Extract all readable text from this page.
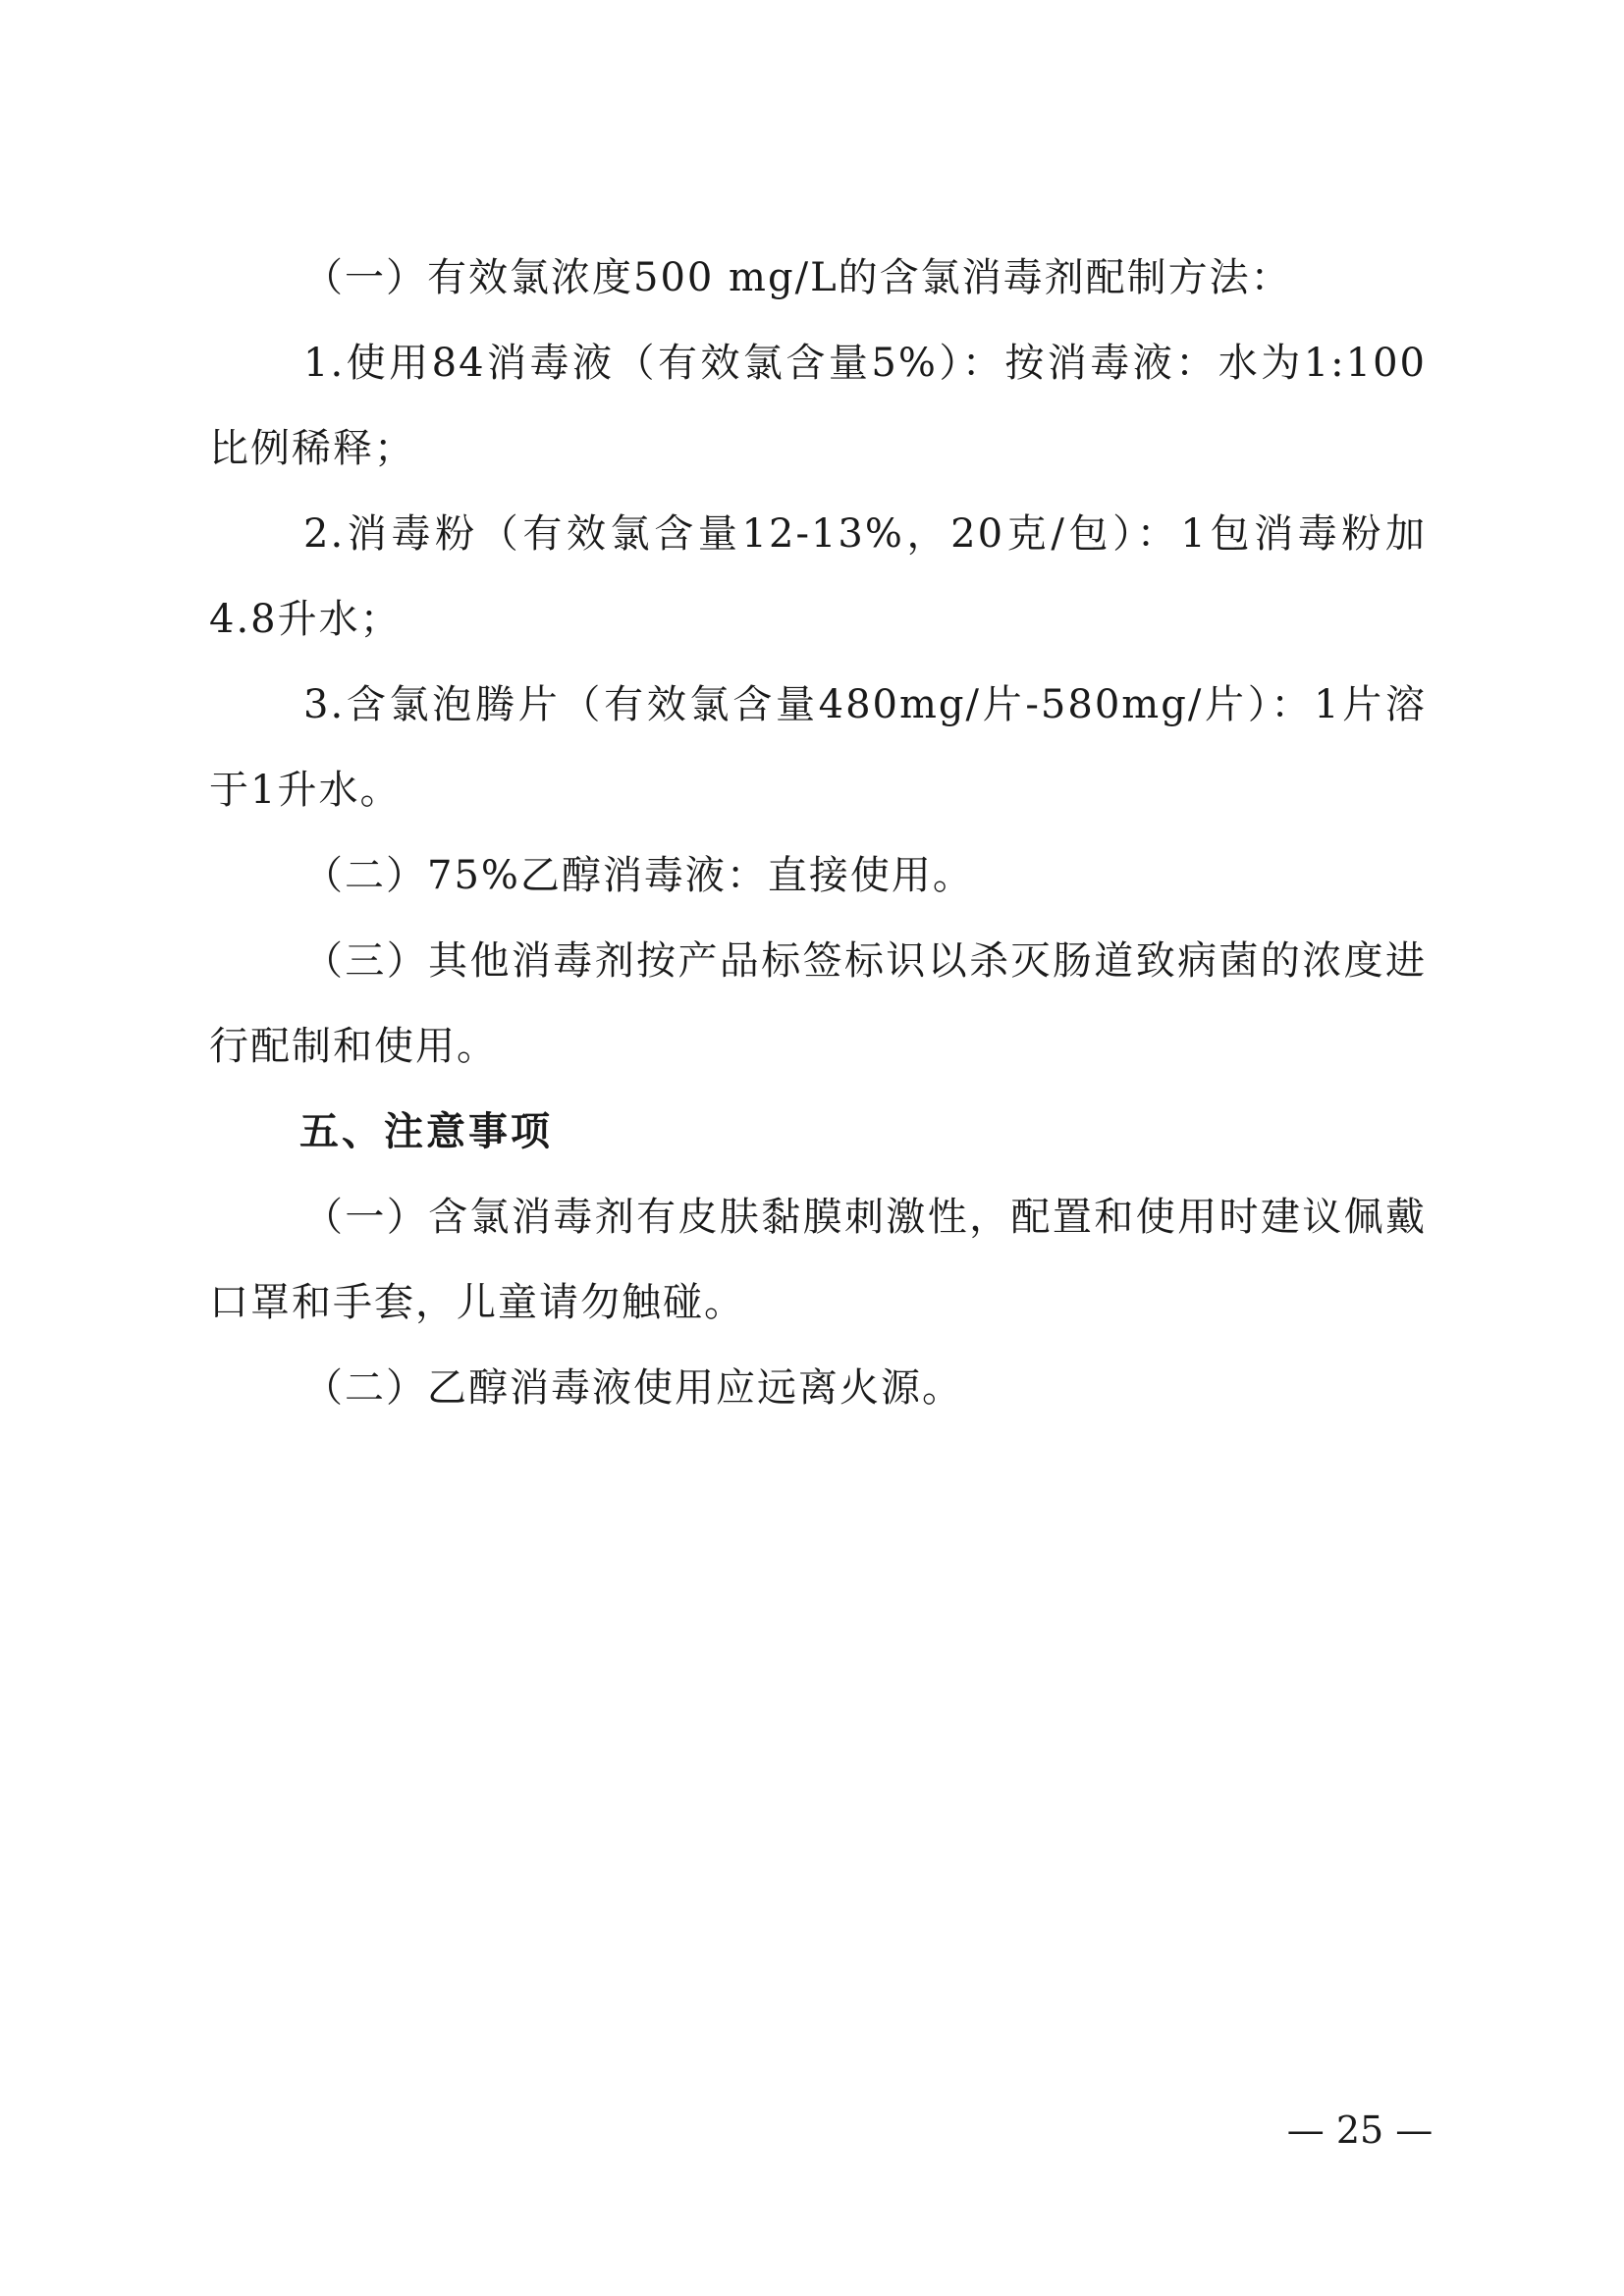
（一）有效氯浓度500 mg/L的含氯消毒剂配制方法：

1.使用84消毒液（有效氯含量5%）：按消毒液：水为1:100比例稀释；

2.消毒粉（有效氯含量12-13%，20克/包）：1包消毒粉加4.8升水；

3.含氯泡腾片（有效氯含量480mg/片-580mg/片）：1片溶于1升水。

（二）75%乙醇消毒液：直接使用。

（三）其他消毒剂按产品标签标识以杀灭肠道致病菌的浓度进行配制和使用。

五、注意事项

（一）含氯消毒剂有皮肤黏膜刺激性，配置和使用时建议佩戴口罩和手套，儿童请勿触碰。

（二）乙醇消毒液使用应远离火源。

— 25 —
